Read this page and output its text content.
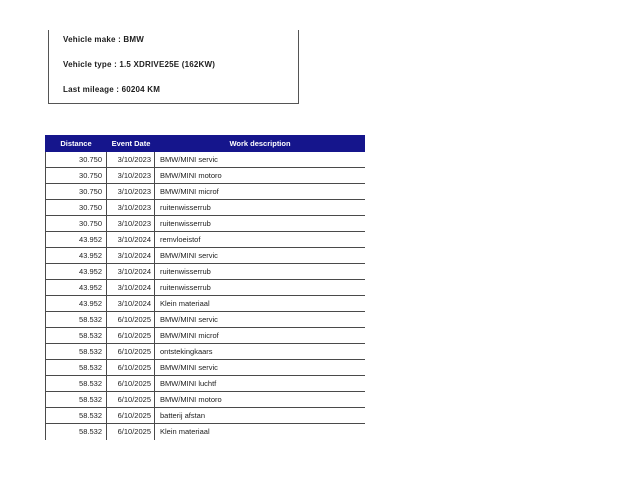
Vehicle make : BMW
Vehicle type : 1.5 XDRIVE25E (162KW)
Last mileage : 60204 KM
Distance	Event Date	Work description
30.750	3/10/2023	BMW/MINI servic
30.750	3/10/2023	BMW/MINI motoro
30.750	3/10/2023	BMW/MINI microf
30.750	3/10/2023	ruitenwisserrub
30.750	3/10/2023	ruitenwisserrub
43.952	3/10/2024	remvloeistof
43.952	3/10/2024	BMW/MINI servic
43.952	3/10/2024	ruitenwisserrub
43.952	3/10/2024	ruitenwisserrub
43.952	3/10/2024	Klein materiaal
58.532	6/10/2025	BMW/MINI servic
58.532	6/10/2025	BMW/MINI microf
58.532	6/10/2025	ontstekingkaars
58.532	6/10/2025	BMW/MINI servic
58.532	6/10/2025	BMW/MINI luchtf
58.532	6/10/2025	BMW/MINI motoro
58.532	6/10/2025	batterij afstan
58.532	6/10/2025	Klein materiaal
